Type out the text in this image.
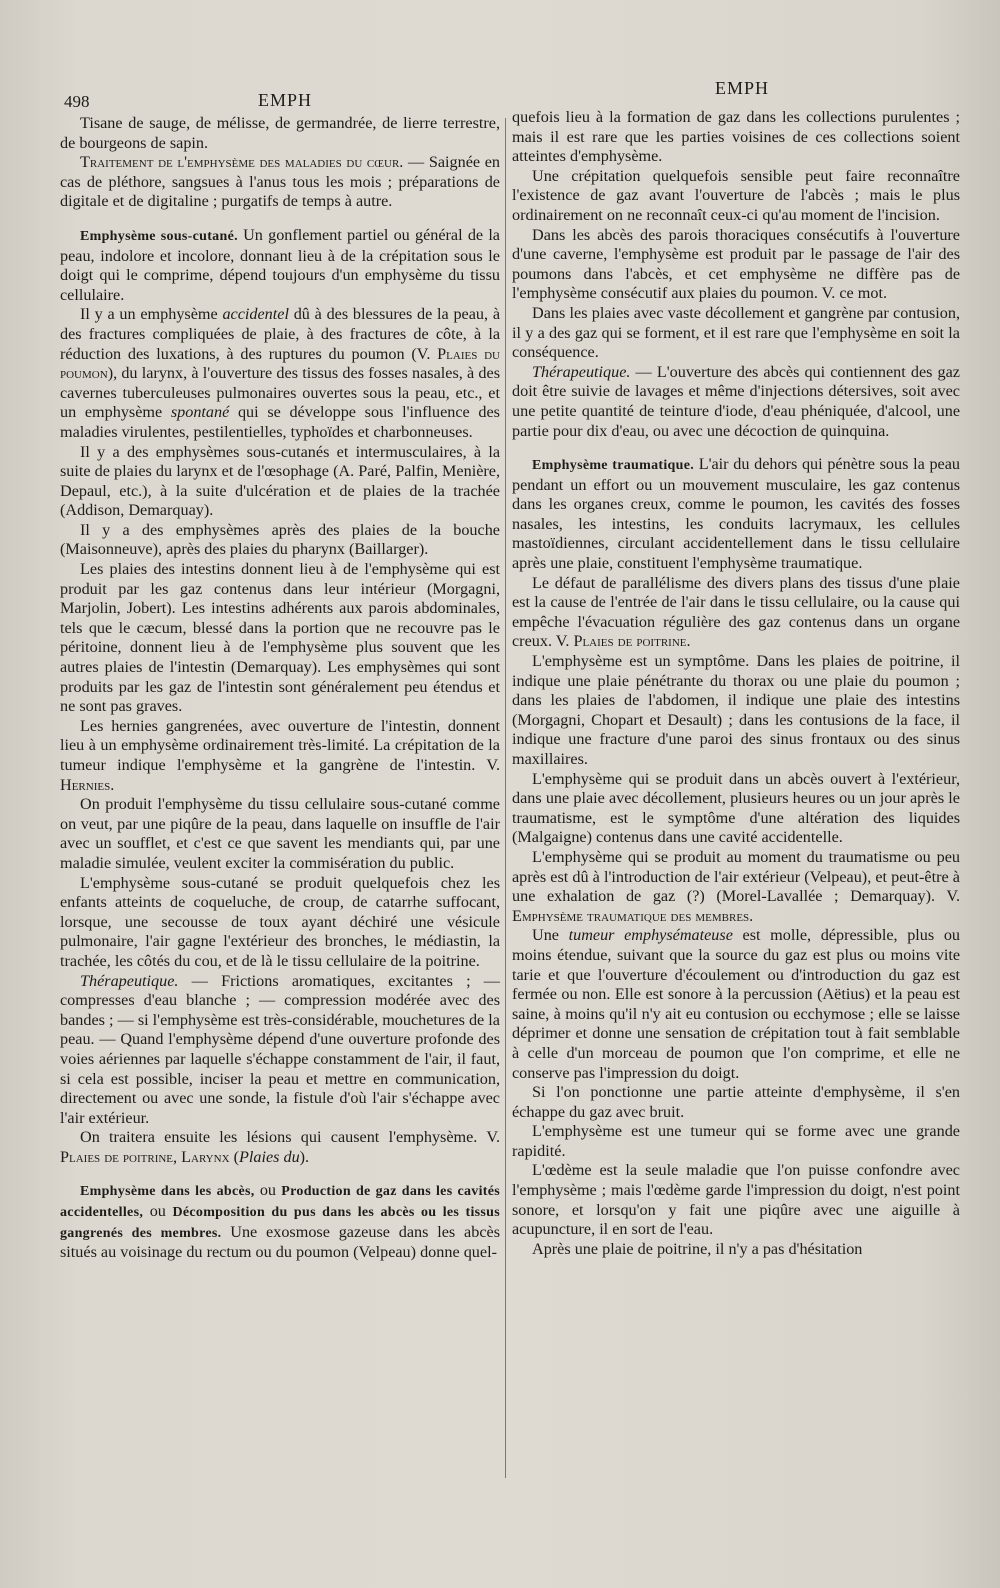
498	EMPH
EMPH

Tisane de sauge, de mélisse, de germandrée, de lierre terrestre, de bourgeons de sapin.

Traitement de l'emphysème des maladies du cœur. — Saignée en cas de pléthore, sangsues à l'anus tous les mois ; préparations de digitale et de digitaline ; purgatifs de temps à autre.

Emphysème sous-cutané. Un gonflement partiel ou général de la peau, indolore et incolore, donnant lieu à de la crépitation sous le doigt qui le comprime, dépend toujours d'un emphysème du tissu cellulaire.

Il y a un emphysème accidentel dû à des blessures de la peau, à des fractures compliquées de plaie, à des fractures de côte, à la réduction des luxations, à des ruptures du poumon (V. Plaies du poumon), du larynx, à l'ouverture des tissus des fosses nasales, à des cavernes tuberculeuses pulmonaires ouvertes sous la peau, etc., et un emphysème spontané qui se développe sous l'influence des maladies virulentes, pestilentielles, typhoïdes et charbonneuses.

Il y a des emphysèmes sous-cutanés et intermusculaires, à la suite de plaies du larynx et de l'œsophage (A. Paré, Palfin, Menière, Depaul, etc.), à la suite d'ulcération et de plaies de la trachée (Addison, Demarquay).

Il y a des emphysèmes après des plaies de la bouche (Maisonneuve), après des plaies du pharynx (Baillarger).

Les plaies des intestins donnent lieu à de l'emphysème qui est produit par les gaz contenus dans leur intérieur (Morgagni, Marjolin, Jobert). Les intestins adhérents aux parois abdominales, tels que le cæcum, blessé dans la portion que ne recouvre pas le péritoine, donnent lieu à de l'emphysème plus souvent que les autres plaies de l'intestin (Demarquay). Les emphysèmes qui sont produits par les gaz de l'intestin sont généralement peu étendus et ne sont pas graves.

Les hernies gangrenées, avec ouverture de l'intestin, donnent lieu à un emphysème ordinairement très-limité. La crépitation de la tumeur indique l'emphysème et la gangrène de l'intestin. V. Hernies.

On produit l'emphysème du tissu cellulaire sous-cutané comme on veut, par une piqûre de la peau, dans laquelle on insuffle de l'air avec un soufflet, et c'est ce que savent les mendiants qui, par une maladie simulée, veulent exciter la commisération du public.

L'emphysème sous-cutané se produit quelquefois chez les enfants atteints de coqueluche, de croup, de catarrhe suffocant, lorsque, une secousse de toux ayant déchiré une vésicule pulmonaire, l'air gagne l'extérieur des bronches, le médiastin, la trachée, les côtés du cou, et de là le tissu cellulaire de la poitrine.

Thérapeutique. — Frictions aromatiques, excitantes ; — compresses d'eau blanche ; — compression modérée avec des bandes ; — si l'emphysème est très-considérable, mouchetures de la peau. — Quand l'emphysème dépend d'une ouverture profonde des voies aériennes par laquelle s'échappe constamment de l'air, il faut, si cela est possible, inciser la peau et mettre en communication, directement ou avec une sonde, la fistule d'où l'air s'échappe avec l'air extérieur.

On traitera ensuite les lésions qui causent l'emphysème. V. Plaies de poitrine, Larynx (Plaies du).

Emphysème dans les abcès, ou Production de gaz dans les cavités accidentelles, ou Décomposition du pus dans les abcès ou les tissus gangrenés des membres. Une exosmose gazeuse dans les abcès situés au voisinage du rectum ou du poumon (Velpeau) donne quel-

quefois lieu à la formation de gaz dans les collections purulentes ; mais il est rare que les parties voisines de ces collections soient atteintes d'emphysème.

Une crépitation quelquefois sensible peut faire reconnaître l'existence de gaz avant l'ouverture de l'abcès ; mais le plus ordinairement on ne reconnaît ceux-ci qu'au moment de l'incision.

Dans les abcès des parois thoraciques consécutifs à l'ouverture d'une caverne, l'emphysème est produit par le passage de l'air des poumons dans l'abcès, et cet emphysème ne diffère pas de l'emphysème consécutif aux plaies du poumon. V. ce mot.

Dans les plaies avec vaste décollement et gangrène par contusion, il y a des gaz qui se forment, et il est rare que l'emphysème en soit la conséquence.

Thérapeutique. — L'ouverture des abcès qui contiennent des gaz doit être suivie de lavages et même d'injections détersives, soit avec une petite quantité de teinture d'iode, d'eau phéniquée, d'alcool, une partie pour dix d'eau, ou avec une décoction de quinquina.

Emphysème traumatique. L'air du dehors qui pénètre sous la peau pendant un effort ou un mouvement musculaire, les gaz contenus dans les organes creux, comme le poumon, les cavités des fosses nasales, les intestins, les conduits lacrymaux, les cellules mastoïdiennes, circulant accidentellement dans le tissu cellulaire après une plaie, constituent l'emphysème traumatique.

Le défaut de parallélisme des divers plans des tissus d'une plaie est la cause de l'entrée de l'air dans le tissu cellulaire, ou la cause qui empêche l'évacuation régulière des gaz contenus dans un organe creux. V. Plaies de poitrine.

L'emphysème est un symptôme. Dans les plaies de poitrine, il indique une plaie pénétrante du thorax ou une plaie du poumon ; dans les plaies de l'abdomen, il indique une plaie des intestins (Morgagni, Chopart et Desault) ; dans les contusions de la face, il indique une fracture d'une paroi des sinus frontaux ou des sinus maxillaires.

L'emphysème qui se produit dans un abcès ouvert à l'extérieur, dans une plaie avec décollement, plusieurs heures ou un jour après le traumatisme, est le symptôme d'une altération des liquides (Malgaigne) contenus dans une cavité accidentelle.

L'emphysème qui se produit au moment du traumatisme ou peu après est dû à l'introduction de l'air extérieur (Velpeau), et peut-être à une exhalation de gaz (?) (Morel-Lavallée ; Demarquay). V. Emphysème traumatique des membres.

Une tumeur emphysémateuse est molle, dépressible, plus ou moins étendue, suivant que la source du gaz est plus ou moins vite tarie et que l'ouverture d'écoulement ou d'introduction du gaz est fermée ou non. Elle est sonore à la percussion (Aëtius) et la peau est saine, à moins qu'il n'y ait eu contusion ou ecchymose ; elle se laisse déprimer et donne une sensation de crépitation tout à fait semblable à celle d'un morceau de poumon que l'on comprime, et elle ne conserve pas l'impression du doigt.

Si l'on ponctionne une partie atteinte d'emphysème, il s'en échappe du gaz avec bruit.

L'emphysème est une tumeur qui se forme avec une grande rapidité.

L'œdème est la seule maladie que l'on puisse confondre avec l'emphysème ; mais l'œdème garde l'impression du doigt, n'est point sonore, et lorsqu'on y fait une piqûre avec une aiguille à acupuncture, il en sort de l'eau.

Après une plaie de poitrine, il n'y a pas d'hésitation
